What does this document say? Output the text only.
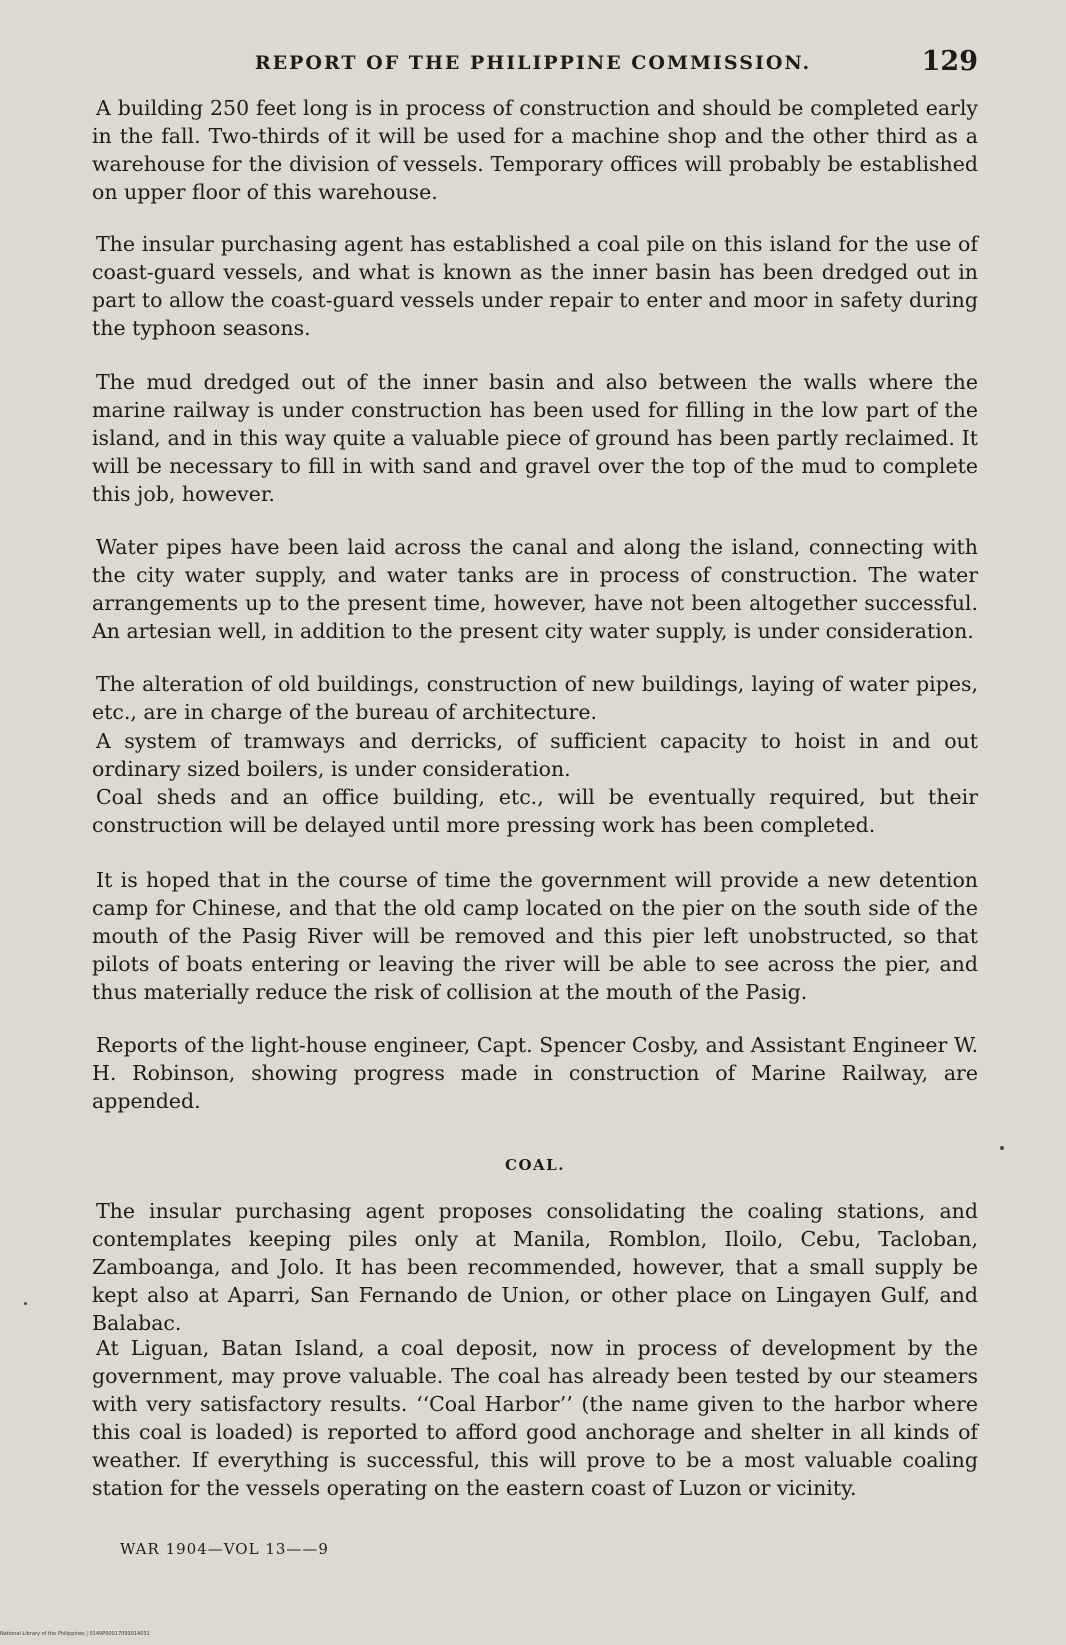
REPORT OF THE PHILIPPINE COMMISSION.	129

A building 250 feet long is in process of construction and should be completed early in the fall. Two-thirds of it will be used for a machine shop and the other third as a warehouse for the division of vessels. Temporary offices will probably be established on upper floor of this warehouse.

The insular purchasing agent has established a coal pile on this island for the use of coast-guard vessels, and what is known as the inner basin has been dredged out in part to allow the coast-guard vessels under repair to enter and moor in safety during the typhoon seasons.

The mud dredged out of the inner basin and also between the walls where the marine railway is under construction has been used for filling in the low part of the island, and in this way quite a valuable piece of ground has been partly reclaimed. It will be necessary to fill in with sand and gravel over the top of the mud to complete this job, however.

Water pipes have been laid across the canal and along the island, connecting with the city water supply, and water tanks are in process of construction. The water arrangements up to the present time, however, have not been altogether successful. An artesian well, in addition to the present city water supply, is under consideration.

The alteration of old buildings, construction of new buildings, laying of water pipes, etc., are in charge of the bureau of architecture.

A system of tramways and derricks, of sufficient capacity to hoist in and out ordinary sized boilers, is under consideration.

Coal sheds and an office building, etc., will be eventually required, but their construction will be delayed until more pressing work has been completed.

It is hoped that in the course of time the government will provide a new detention camp for Chinese, and that the old camp located on the pier on the south side of the mouth of the Pasig River will be removed and this pier left unobstructed, so that pilots of boats entering or leaving the river will be able to see across the pier, and thus materially reduce the risk of collision at the mouth of the Pasig.

Reports of the light-house engineer, Capt. Spencer Cosby, and Assistant Engineer W. H. Robinson, showing progress made in construction of Marine Railway, are appended.

COAL.

The insular purchasing agent proposes consolidating the coaling stations, and contemplates keeping piles only at Manila, Romblon, Iloilo, Cebu, Tacloban, Zamboanga, and Jolo. It has been recommended, however, that a small supply be kept also at Aparri, San Fernando de Union, or other place on Lingayen Gulf, and Balabac.

At Liguan, Batan Island, a coal deposit, now in process of development by the government, may prove valuable. The coal has already been tested by our steamers with very satisfactory results. ‘‘Coal Harbor’’ (the name given to the harbor where this coal is loaded) is reported to afford good anchorage and shelter in all kinds of weather. If everything is successful, this will prove to be a most valuable coaling station for the vessels operating on the eastern coast of Luzon or vicinity.

WAR 1904—VOL 13——9
National Library of the Philippines | 0149P00017093014031
